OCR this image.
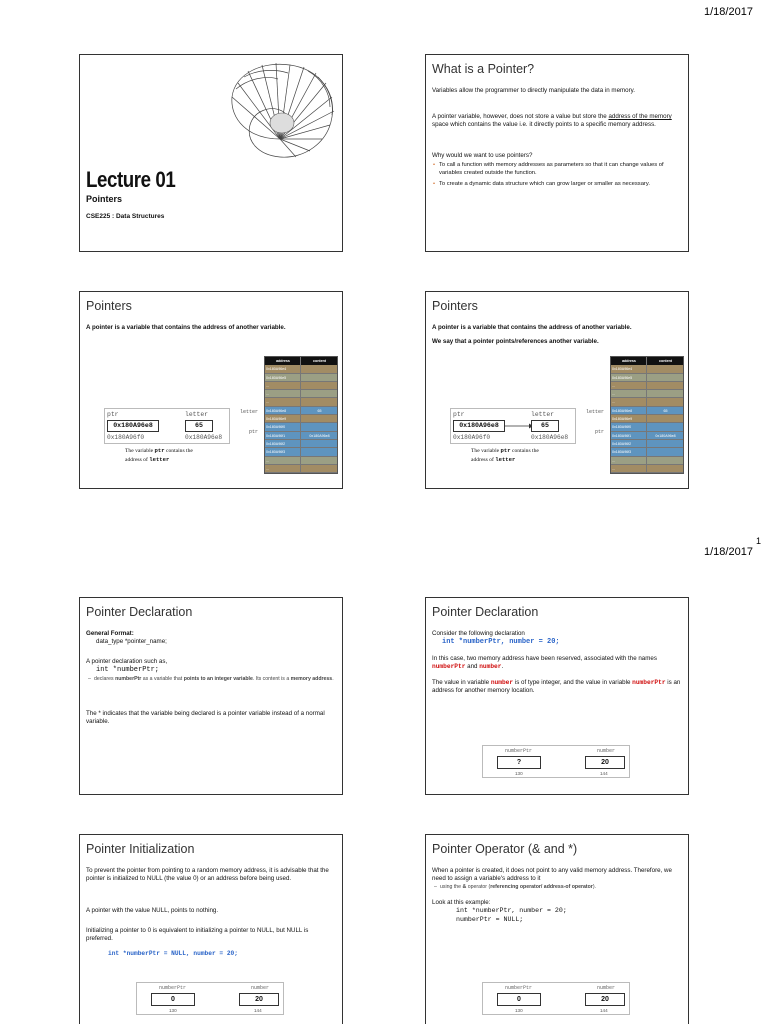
1/18/2017
1
1/18/2017
Lecture 01
Pointers
CSE225 : Data Structures
What is a Pointer?
Variables allow the programmer to directly manipulate the data in memory.
A pointer variable, however, does not store a value but store the address of the memory space which contains the value i.e. it directly points to a specific memory address.
Why would we want to use pointers?
• To call a function with memory addresses as parameters so that it can change values of variables created outside the function.
• To create a dynamic data structure which can grow larger or smaller as necessary.
Pointers
A pointer is a variable that contains the address of another variable.
ptr	letter
0x180A96e8	65
0x180A96f0	0x180A96e8
The variable ptr contains the
address of letter
letter
ptr
address	content
0x180A96e4
0x180A96e5
...
...
...
0x180A96e8	65
0x180A96e9
0x180A96f0
0x180A96f1	0x180A96e8
0x180A96f2
0x180A96f3
...
...
Pointers
A pointer is a variable that contains the address of another variable.
We say that a pointer points/references another variable.
ptr	letter
0x180A96e8	65
0x180A96f0	0x180A96e8
The variable ptr contains the
address of letter
letter
ptr
address	content
0x180A96e4
0x180A96e5
...
...
...
0x180A96e8	65
0x180A96e9
0x180A96f0
0x180A96f1	0x180A96e8
0x180A96f2
0x180A96f3
...
...
Pointer Declaration
General Format:
data_type *pointer_name;
A pointer declaration such as,
int *numberPtr;
– declares numberPtr as a variable that points to an integer variable. Its content is a memory address.
The * indicates that the variable being declared is a pointer variable instead of a normal variable.
Pointer Declaration
Consider the following declaration
int *numberPtr, number = 20;
In this case, two memory address have been reserved, associated with the names numberPtr and number.
The value in variable number is of type integer, and the value in variable numberPtr is an address for another memory location.
numberPtr	number
?	20
130	144
Pointer Initialization
To prevent the pointer from pointing to a random memory address, it is advisable that the pointer is initialized to NULL (the value 0) or an address before being used.
A pointer with the value NULL, points to nothing.
Initializing a pointer to 0 is equivalent to initializing a pointer to NULL, but NULL is preferred.
int *numberPtr = NULL, number = 20;
numberPtr	number
0	20
130	144
Pointer Operator (& and *)
When a pointer is created, it does not point to any valid memory address. Therefore, we need to assign a variable's address to it
– using the & operator (referencing operator/ address-of operator).
Look at this example:
int *numberPtr, number = 20;
numberPtr = NULL;
numberPtr	number
0	20
130	144
